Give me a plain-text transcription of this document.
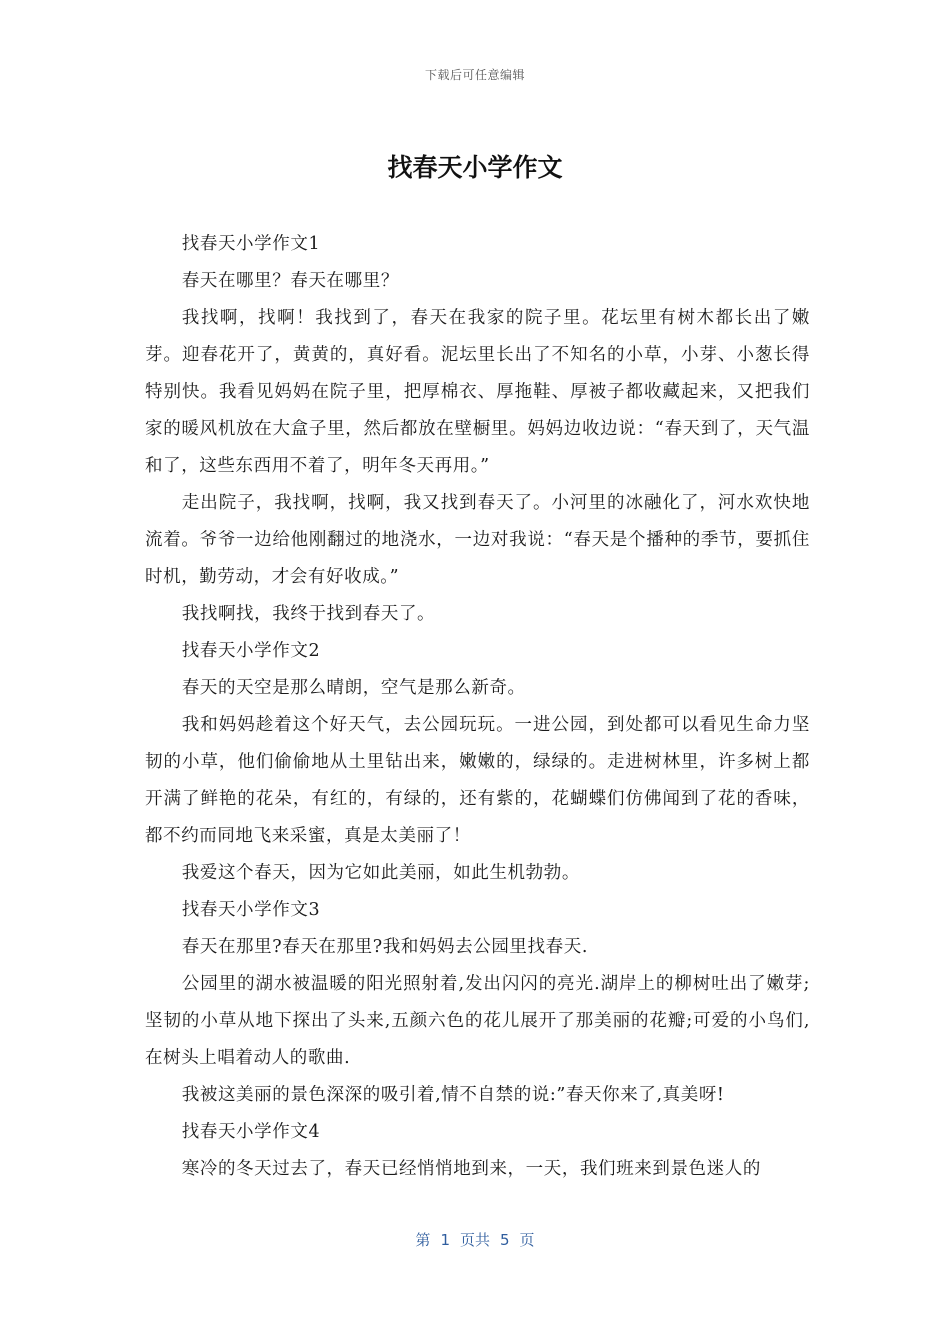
下载后可任意编辑
找春天小学作文

找春天小学作文1

春天在哪里？春天在哪里？

我找啊，找啊！我找到了，春天在我家的院子里。花坛里有树木都长出了嫩芽。迎春花开了，黄黄的，真好看。泥坛里长出了不知名的小草，小芽、小葱长得特别快。我看见妈妈在院子里，把厚棉衣、厚拖鞋、厚被子都收藏起来，又把我们家的暖风机放在大盒子里，然后都放在壁橱里。妈妈边收边说：“春天到了，天气温和了，这些东西用不着了，明年冬天再用。”

走出院子，我找啊，找啊，我又找到春天了。小河里的冰融化了，河水欢快地流着。爷爷一边给他刚翻过的地浇水，一边对我说：“春天是个播种的季节，要抓住时机，勤劳动，才会有好收成。”

我找啊找，我终于找到春天了。

找春天小学作文2

春天的天空是那么晴朗，空气是那么新奇。

我和妈妈趁着这个好天气，去公园玩玩。一进公园，到处都可以看见生命力坚韧的小草，他们偷偷地从土里钻出来，嫩嫩的，绿绿的。走进树林里，许多树上都开满了鲜艳的花朵，有红的，有绿的，还有紫的，花蝴蝶们仿佛闻到了花的香味，都不约而同地飞来采蜜，真是太美丽了！

我爱这个春天，因为它如此美丽，如此生机勃勃。

找春天小学作文3

春天在那里?春天在那里?我和妈妈去公园里找春天.

公园里的湖水被温暖的阳光照射着,发出闪闪的亮光.湖岸上的柳树吐出了嫩芽;坚韧的小草从地下探出了头来,五颜六色的花儿展开了那美丽的花瓣;可爱的小鸟们,在树头上唱着动人的歌曲.

我被这美丽的景色深深的吸引着,情不自禁的说:”春天你来了,真美呀!

找春天小学作文4

寒冷的冬天过去了，春天已经悄悄地到来，一天，我们班来到景色迷人的

第 1 页共 5 页
